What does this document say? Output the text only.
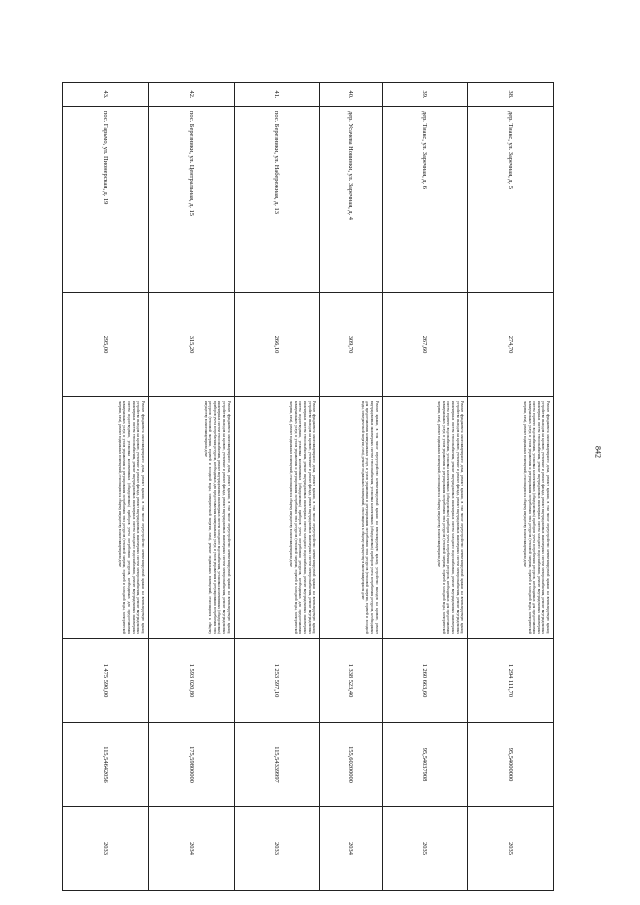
842
38.	дер. Тиакс, ул. Заречная, д. 5	274,70	Ремонт фундамента многоквартирного дома, ремонт крыши, в том числе переустройство невентилируемой крыши на вентилируемую крышу, устройство выходов на кровлю, утепление и ремонт фасада, ремонт внутридомовых инженерных систем электроснабжения, ремонт внутридомовых инженерных систем теплоснабжения, ремонт внутридомовых инженерных систем холодного водоснабжения, ремонт внутридомовых инженерных систем горячего водоснабжения, установка коллективных (общедомовых) приборов учета потребления ресурсов, необходимых для предоставления коммунальных услуг, и узлов управления и регулирования потребления этих ресурсов (тепловой энергии, горячей и холодной воды, электрической энергии, газа), ремонт подвальных помещений, относящихся к общему имуществу в многоквартирном доме	1 294 111,70	95,54000000	2035
39.	дер. Тиакс, ул. Заречная, д. 6	267,60	Ремонт фундамента многоквартирного дома, ремонт крыши, в том числе переустройство невентилируемой крыши на вентилируемую крышу, устройство выходов на кровлю, утепление и ремонт фасада, ремонт внутридомовых инженерных систем электроснабжения, ремонт внутридомовых инженерных систем теплоснабжения, ремонт внутридомовых инженерных систем холодного водоснабжения, ремонт внутридомовых инженерных систем горячего водоснабжения, установка коллективных (общедомовых) приборов учета потребления ресурсов, необходимых для предоставления коммунальных услуг, и узлов управления и регулирования потребления этих ресурсов (тепловой энергии, горячей и холодной воды, электрической энергии, газа), ремонт подвальных помещений, относящихся к общему имуществу в многоквартирном доме	1 260 663,60	95,54037908	2035
40.	дер. Усачева Новинки, ул. Заречная, д. 4	309,70	Ремонт крыши, в том числе переустройство невентилируемой крыши на вентилируемую крышу, устройство выходов на кровлю, ремонт внутридомовых инженерных систем теплоснабжения, установка коллективных (общедомовых) приборов учета потребления ресурсов, необходимых для предоставления коммунальных услуг, и узлов управления и регулирования потребления этих ресурсов (тепловой энергии, горячей и холодной воды, электрической энергии, газа), ремонт подвальных помещений, относящихся к общему имуществу в многоквартирном доме	1 338 523,40	155,60200000	2034
41.	пос. Березники, ул. Набережная, д. 13	266,10	Ремонт фундамента многоквартирного дома, ремонт крыши, в том числе переустройство невентилируемой крыши на вентилируемую крышу, устройство выходов на кровлю, утепление и ремонт фасада, ремонт внутридомовых инженерных систем электроснабжения, ремонт внутридомовых инженерных систем теплоснабжения, ремонт внутридомовых инженерных систем холодного водоснабжения, ремонт внутридомовых инженерных систем водоотведения, установка коллективных (общедомовых) приборов учета потребления ресурсов, необходимых для предоставления коммунальных услуг, и узлов управления и регулирования потребления этих ресурсов (тепловой энергии, горячей и холодной воды, электрической энергии, газа), ремонт подвальных помещений, относящихся к общему имуществу в многоквартирном доме	1 253 597,10	115,54339997	2033
42.	пос. Березники, ул. Центральная, д. 15	315,20	Ремонт фундамента многоквартирного дома, ремонт крыши, в том числе переустройство невентилируемой крыши на вентилируемую крышу, устройство выходов на кровлю, утепление и ремонт фасада, ремонт внутридомовых инженерных систем электроснабжения, ремонт внутридомовых инженерных систем теплоснабжения, ремонт внутридомовых инженерных систем холодного водоснабжения, установка коллективных (общедомовых) приборов учета потребления ресурсов, необходимых для предоставления коммунальных услуг, и узлов управления и регулирования потребления этих ресурсов (тепловой энергии, горячей и холодной воды, электрической энергии, газа), ремонт подвальных помещений, относящихся к общему имуществу в многоквартирном доме	1 593 020,80	175,59800000	2034
43.	пос. Гарьмо, ул. Пионерская, д. 19	295,00	Ремонт фундамента многоквартирного дома, ремонт крыши, в том числе переустройство невентилируемой крыши на вентилируемую крышу, устройство выходов на кровлю, утепление и ремонт фасада, ремонт внутридомовых инженерных систем электроснабжения, ремонт внутридомовых инженерных систем теплоснабжения, ремонт внутридомовых инженерных систем холодного водоснабжения, ремонт внутридомовых инженерных систем водоотведения, установка коллективных (общедомовых) приборов учета потребления ресурсов, необходимых для предоставления коммунальных услуг, и узлов управления и регулирования потребления этих ресурсов (тепловой энергии, горячей и холодной воды, электрической энергии, газа), ремонт подвальных помещений, относящихся к общему имуществу в многоквартирном доме	1 475 590,00	115,54642056	2033
